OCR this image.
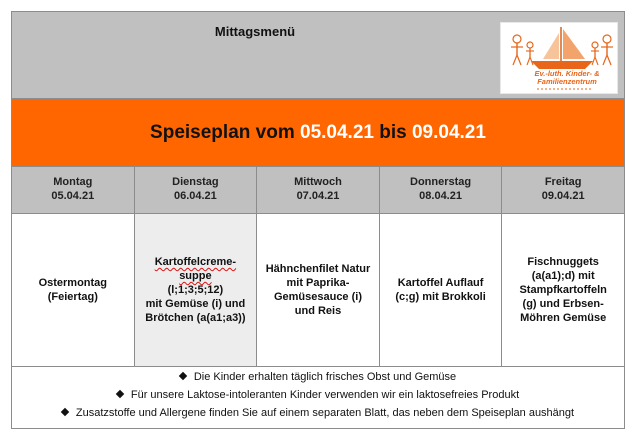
Mittagsmenü
Ev.-luth. Kinder- &
Familienzentrum
Speiseplan vom 05.04.21 bis 09.04.21
Montag
05.04.21
Dienstag
06.04.21
Mittwoch
07.04.21
Donnerstag
08.04.21
Freitag
09.04.21
Ostermontag
(Feiertag)
Kartoffelcreme-
suppe
(l;1;3;5;12)
mit Gemüse (i) und
Brötchen (a(a1;a3))
Hähnchenfilet Natur
mit Paprika-
Gemüsesauce (i)
und Reis
Kartoffel Auflauf
(c;g) mit Brokkoli
Fischnuggets
(a(a1);d) mit
Stampfkartoffeln
(g) und Erbsen-
Möhren Gemüse
Die Kinder erhalten täglich frisches Obst und Gemüse
Für unsere Laktose-intoleranten Kinder verwenden wir ein laktosefreies Produkt
Zusatzstoffe und Allergene finden Sie auf einem separaten Blatt, das neben dem Speiseplan aushängt
